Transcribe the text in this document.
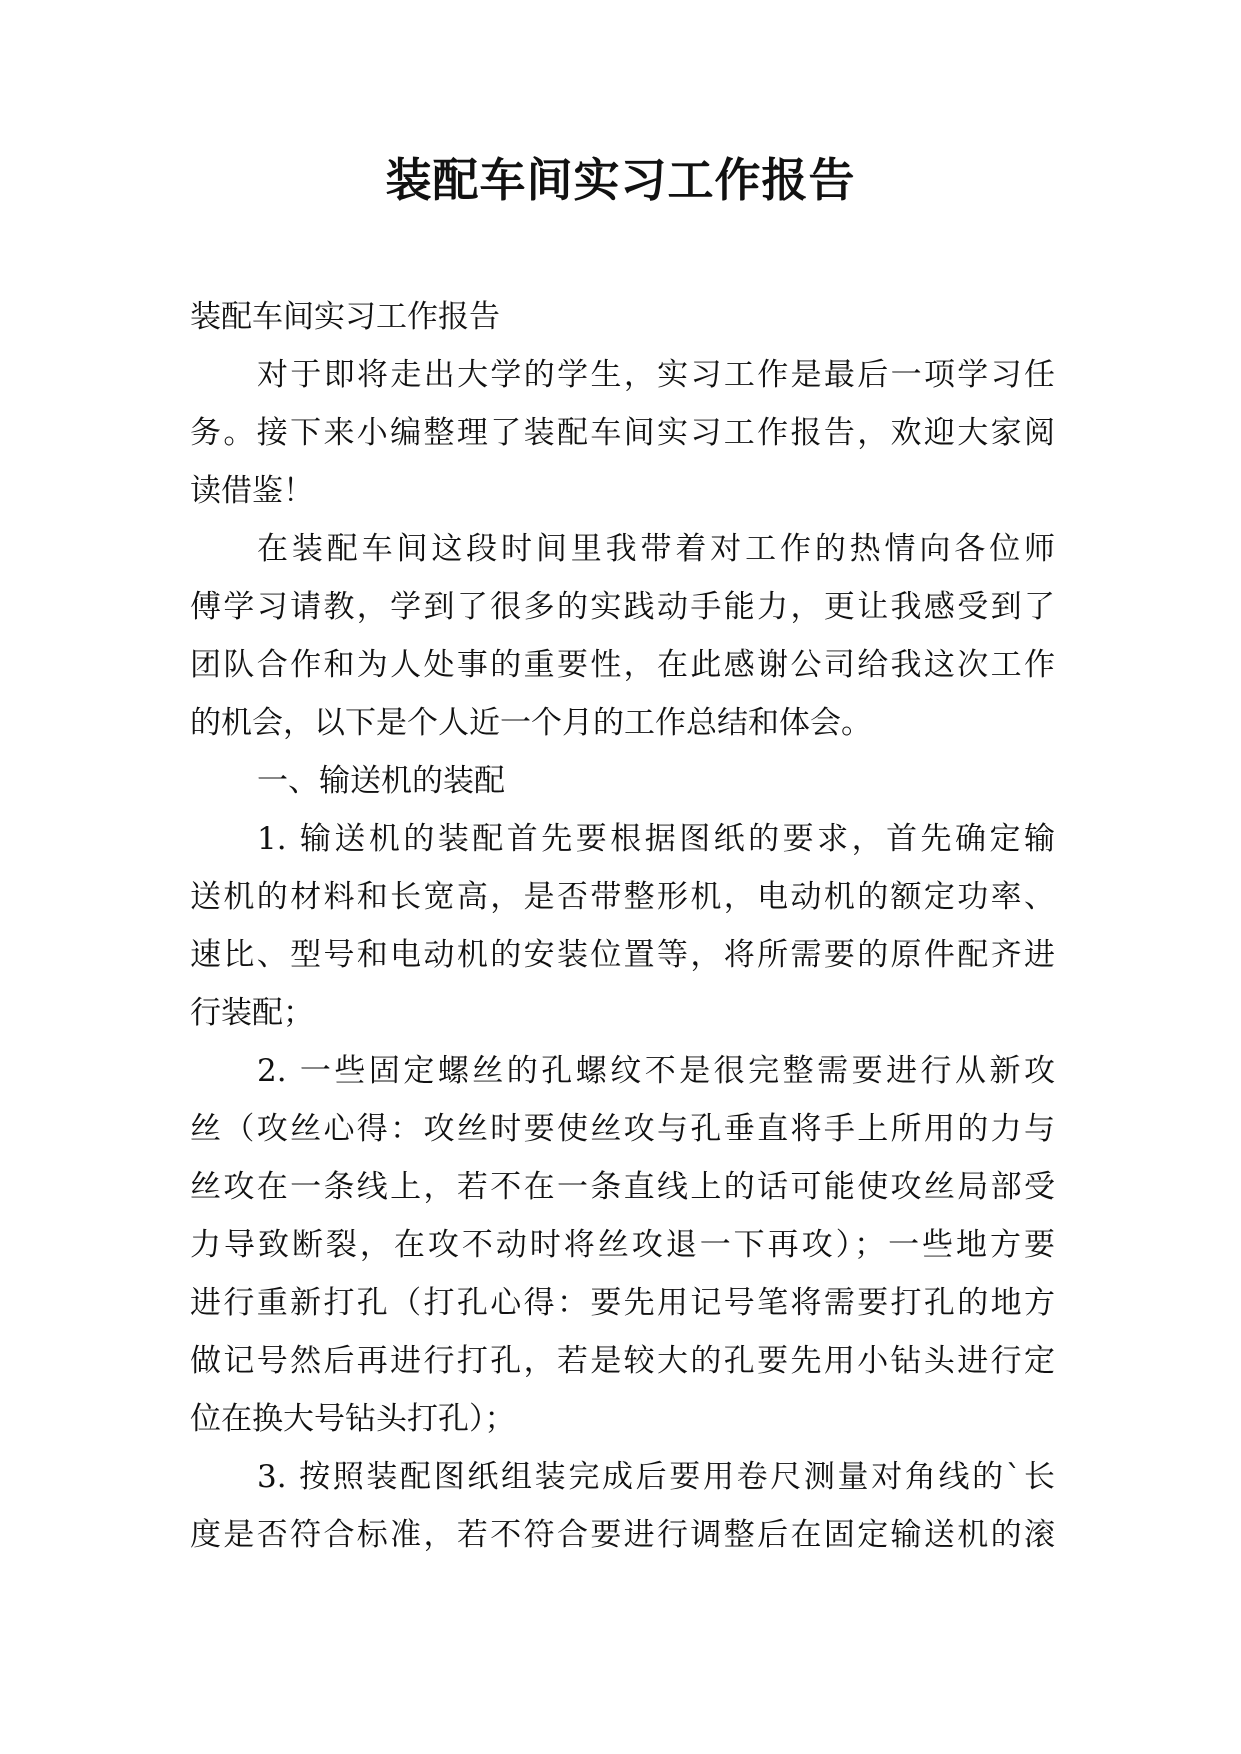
装配车间实习工作报告
装配车间实习工作报告
对于即将走出大学的学生，实习工作是最后一项学习任
务。接下来小编整理了装配车间实习工作报告，欢迎大家阅
读借鉴！
在装配车间这段时间里我带着对工作的热情向各位师
傅学习请教，学到了很多的实践动手能力，更让我感受到了
团队合作和为人处事的重要性，在此感谢公司给我这次工作
的机会，以下是个人近一个月的工作总结和体会。
一、输送机的装配
1. 输送机的装配首先要根据图纸的要求，首先确定输
送机的材料和长宽高，是否带整形机，电动机的额定功率、
速比、型号和电动机的安装位置等，将所需要的原件配齐进
行装配；
2. 一些固定螺丝的孔螺纹不是很完整需要进行从新攻
丝（攻丝心得：攻丝时要使丝攻与孔垂直将手上所用的力与
丝攻在一条线上，若不在一条直线上的话可能使攻丝局部受
力导致断裂，在攻不动时将丝攻退一下再攻）；一些地方要
进行重新打孔（打孔心得：要先用记号笔将需要打孔的地方
做记号然后再进行打孔，若是较大的孔要先用小钻头进行定
位在换大号钻头打孔）；
3. 按照装配图纸组装完成后要用卷尺测量对角线的`长
度是否符合标准，若不符合要进行调整后在固定输送机的滚
